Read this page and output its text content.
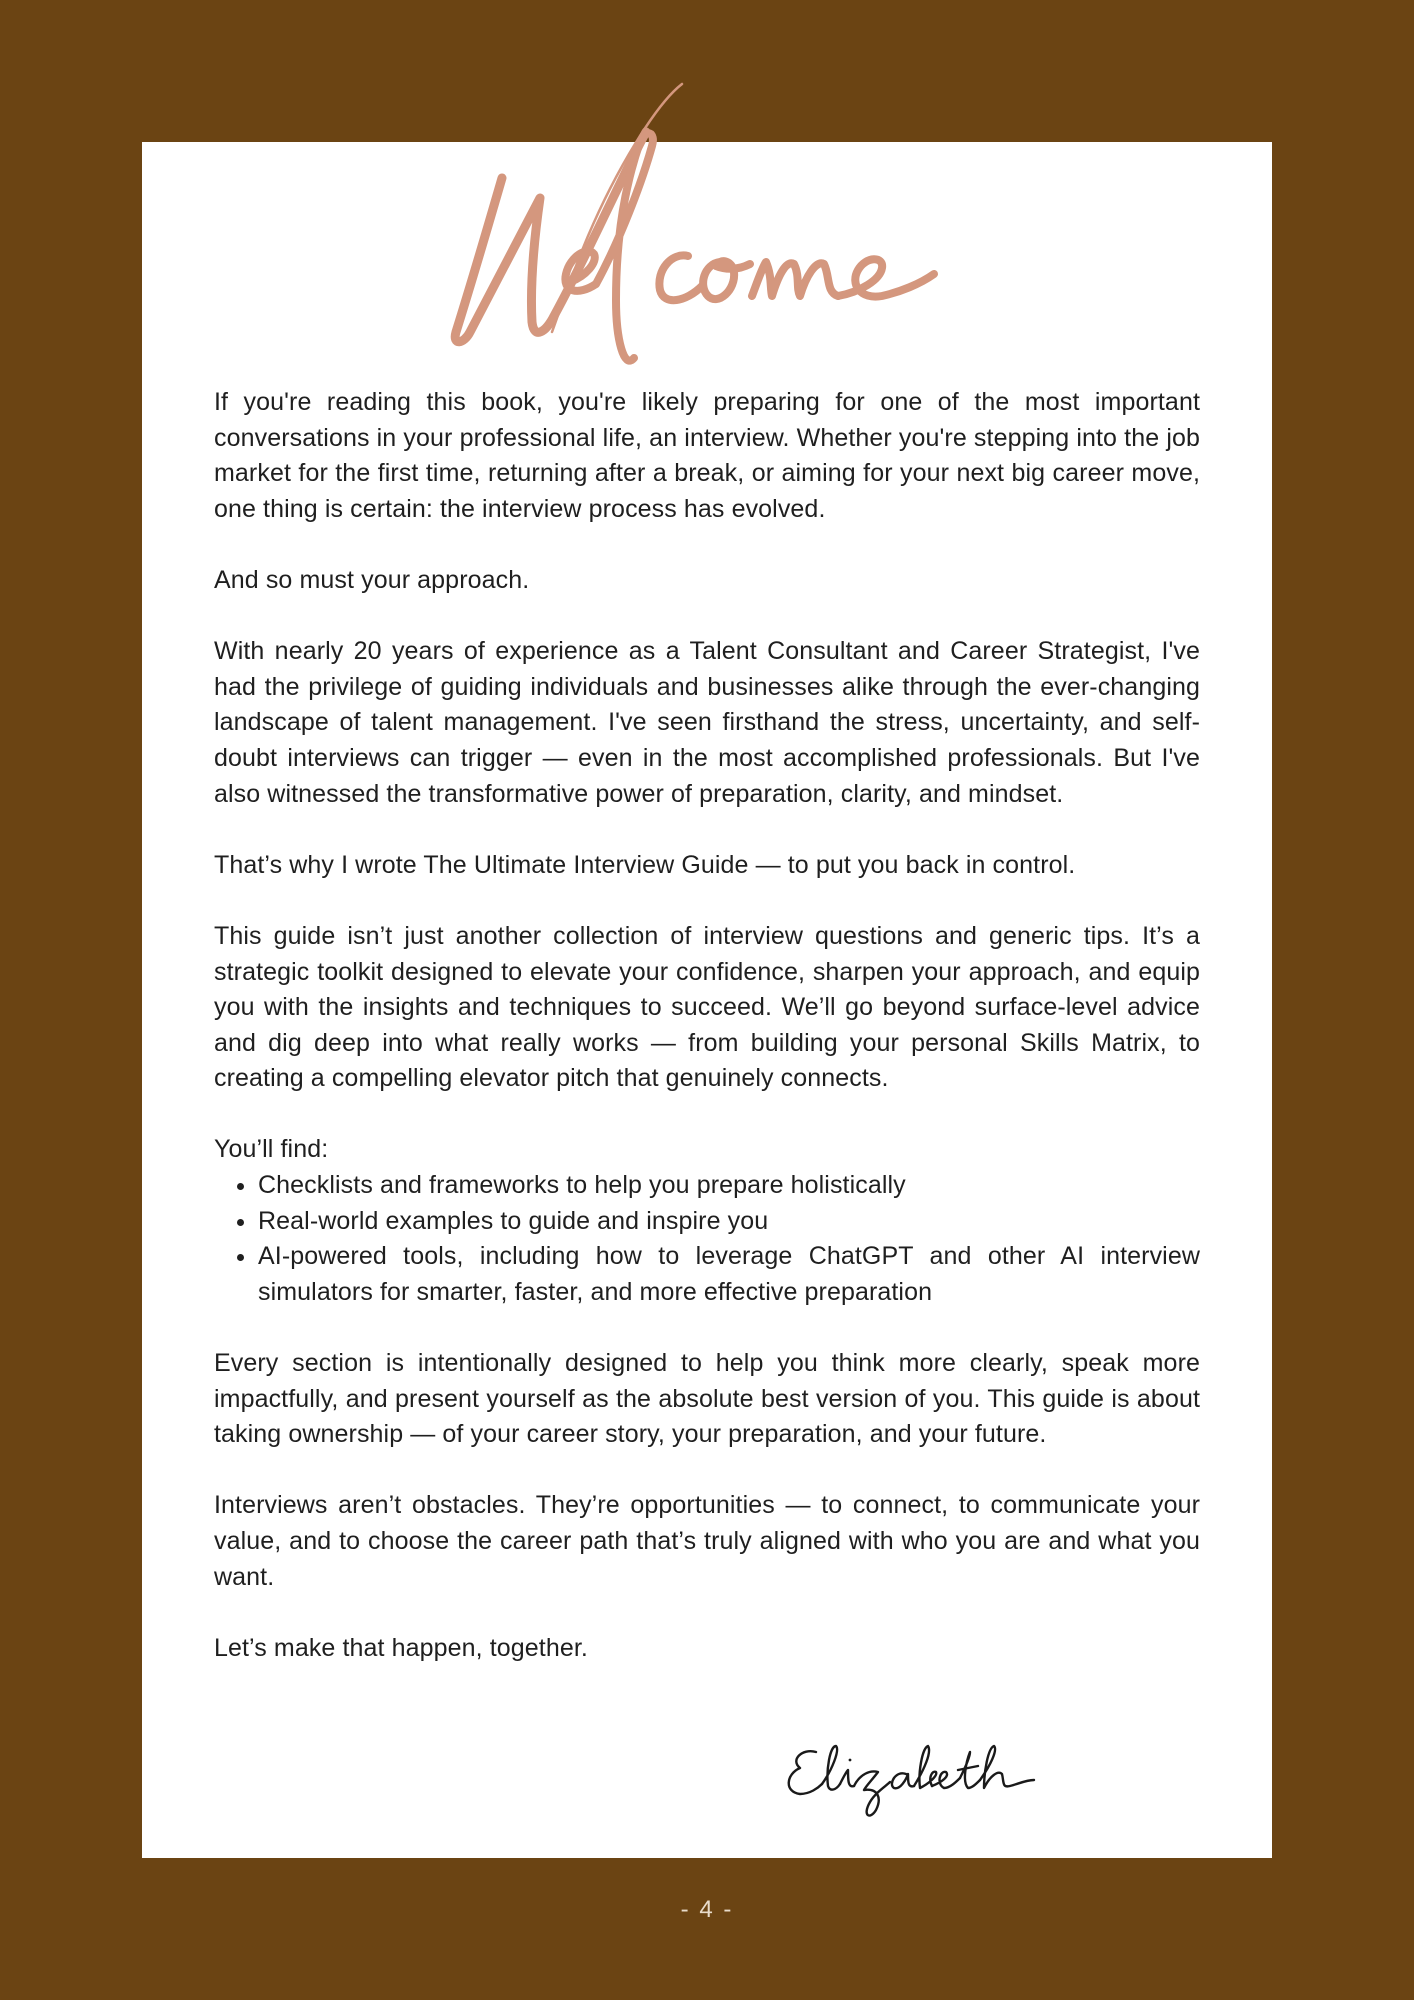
If you're reading this book, you're likely preparing for one of the most important conversations in your professional life, an interview. Whether you're stepping into the job market for the first time, returning after a break, or aiming for your next big career move, one thing is certain: the interview process has evolved.

And so must your approach.

With nearly 20 years of experience as a Talent Consultant and Career Strategist, I've had the privilege of guiding individuals and businesses alike through the ever-changing landscape of talent management. I've seen firsthand the stress, uncertainty, and self-doubt interviews can trigger — even in the most accomplished professionals. But I've also witnessed the transformative power of preparation, clarity, and mindset.

That’s why I wrote The Ultimate Interview Guide — to put you back in control.

This guide isn’t just another collection of interview questions and generic tips. It’s a strategic toolkit designed to elevate your confidence, sharpen your approach, and equip you with the insights and techniques to succeed. We’ll go beyond surface-level advice and dig deep into what really works — from building your personal Skills Matrix, to creating a compelling elevator pitch that genuinely connects.

You’ll find:

• Checklists and frameworks to help you prepare holistically
• Real-world examples to guide and inspire you
• AI-powered tools, including how to leverage ChatGPT and other AI interview simulators for smarter, faster, and more effective preparation

Every section is intentionally designed to help you think more clearly, speak more impactfully, and present yourself as the absolute best version of you. This guide is about taking ownership — of your career story, your preparation, and your future.

Interviews aren’t obstacles. They’re opportunities — to connect, to communicate your value, and to choose the career path that’s truly aligned with who you are and what you want.

Let’s make that happen, together.

- 4 -
